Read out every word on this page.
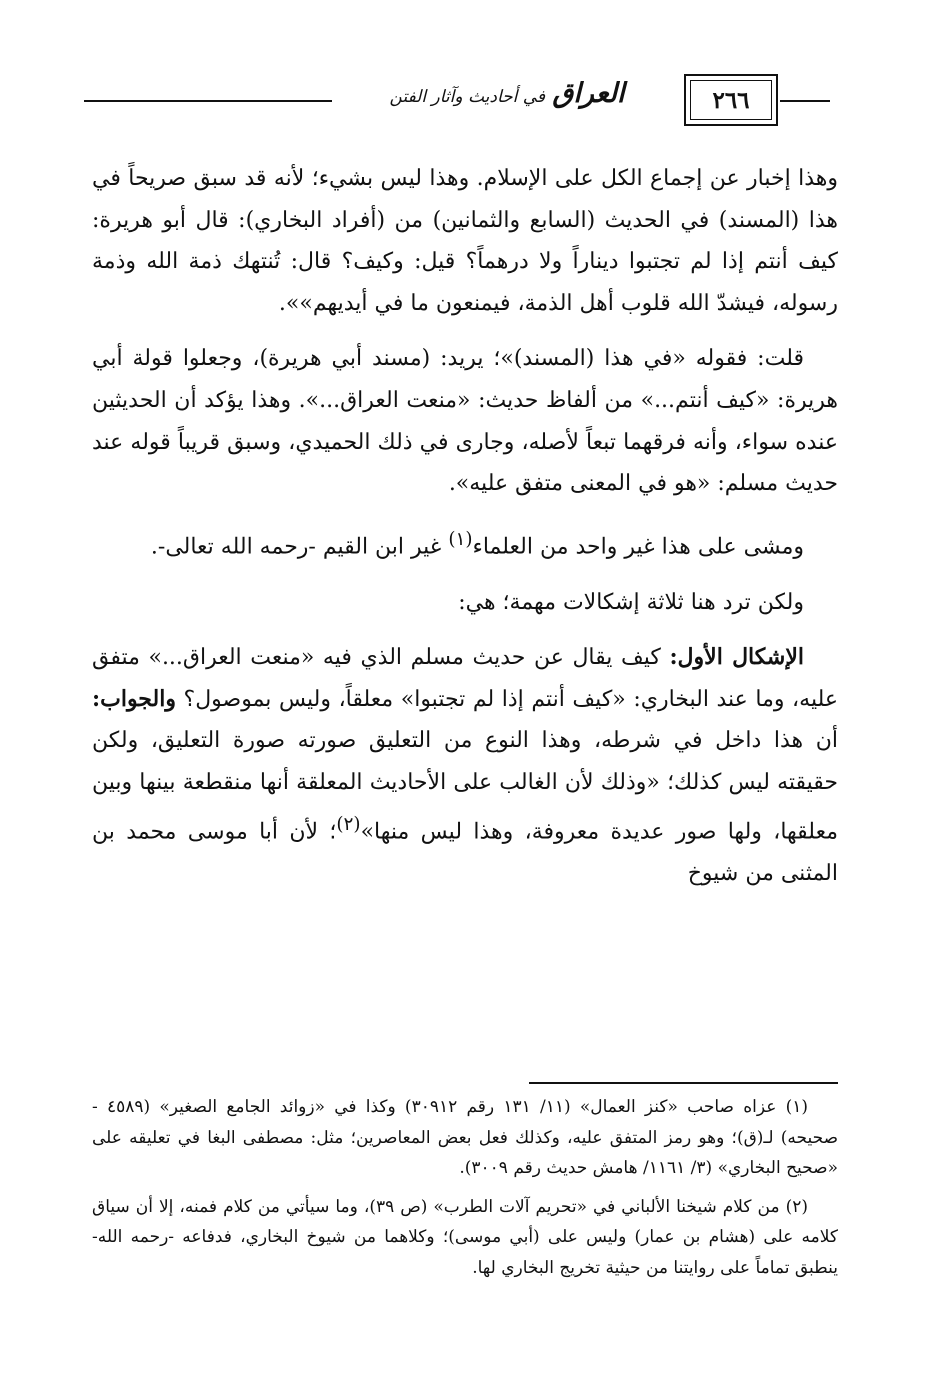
العراق في أحاديث وآثار الفتن	٢٦٦

وهذا إخبار عن إجماع الكل على الإسلام. وهذا ليس بشيء؛ لأنه قد سبق صريحاً في هذا (المسند) في الحديث (السابع والثمانين) من (أفراد البخاري): قال أبو هريرة: كيف أنتم إذا لم تجتبوا ديناراً ولا درهماً؟ قيل: وكيف؟ قال: تُنتهك ذمة الله وذمة رسوله، فيشدّ الله قلوب أهل الذمة، فيمنعون ما في أيديهم»».

قلت: فقوله «في هذا (المسند)»؛ يريد: (مسند أبي هريرة)، وجعلوا قولة أبي هريرة: «كيف أنتم...» من ألفاظ حديث: «منعت العراق...». وهذا يؤكد أن الحديثين عنده سواء، وأنه فرقهما تبعاً لأصله، وجارى في ذلك الحميدي، وسبق قريباً قوله عند حديث مسلم: «هو في المعنى متفق عليه».

ومشى على هذا غير واحد من العلماء$^{(١)}$ غير ابن القيم -رحمه الله تعالى-.

ولكن ترد هنا ثلاثة إشكالات مهمة؛ هي:

الإشكال الأول: كيف يقال عن حديث مسلم الذي فيه «منعت العراق...» متفق عليه، وما عند البخاري: «كيف أنتم إذا لم تجتبوا» معلقاً، وليس بموصول؟ والجواب: أن هذا داخل في شرطه، وهذا النوع من التعليق صورته صورة التعليق، ولكن حقيقته ليس كذلك؛ «وذلك لأن الغالب على الأحاديث المعلقة أنها منقطعة بينها وبين معلقها، ولها صور عديدة معروفة، وهذا ليس منها»$^{(٢)}$؛ لأن أبا موسى محمد بن المثنى من شيوخ

(١) عزاه صاحب «كنز العمال» (١١/ ١٣١ رقم ٣٠٩١٢) وكذا في «زوائد الجامع الصغير» (٤٥٨٩ - صحيحه) لـ(ق)؛ وهو رمز المتفق عليه، وكذلك فعل بعض المعاصرين؛ مثل: مصطفى البغا في تعليقه على «صحيح البخاري» (٣/ ١١٦١/ هامش حديث رقم ٣٠٠٩).

(٢) من كلام شيخنا الألباني في «تحريم آلات الطرب» (ص ٣٩)، وما سيأتي من كلام فمنه، إلا أن سياق كلامه على (هشام بن عمار) وليس على (أبي موسى)؛ وكلاهما من شيوخ البخاري، فدفاعه -رحمه الله- ينطبق تماماً على روايتنا من حيثية تخريج البخاري لها.
